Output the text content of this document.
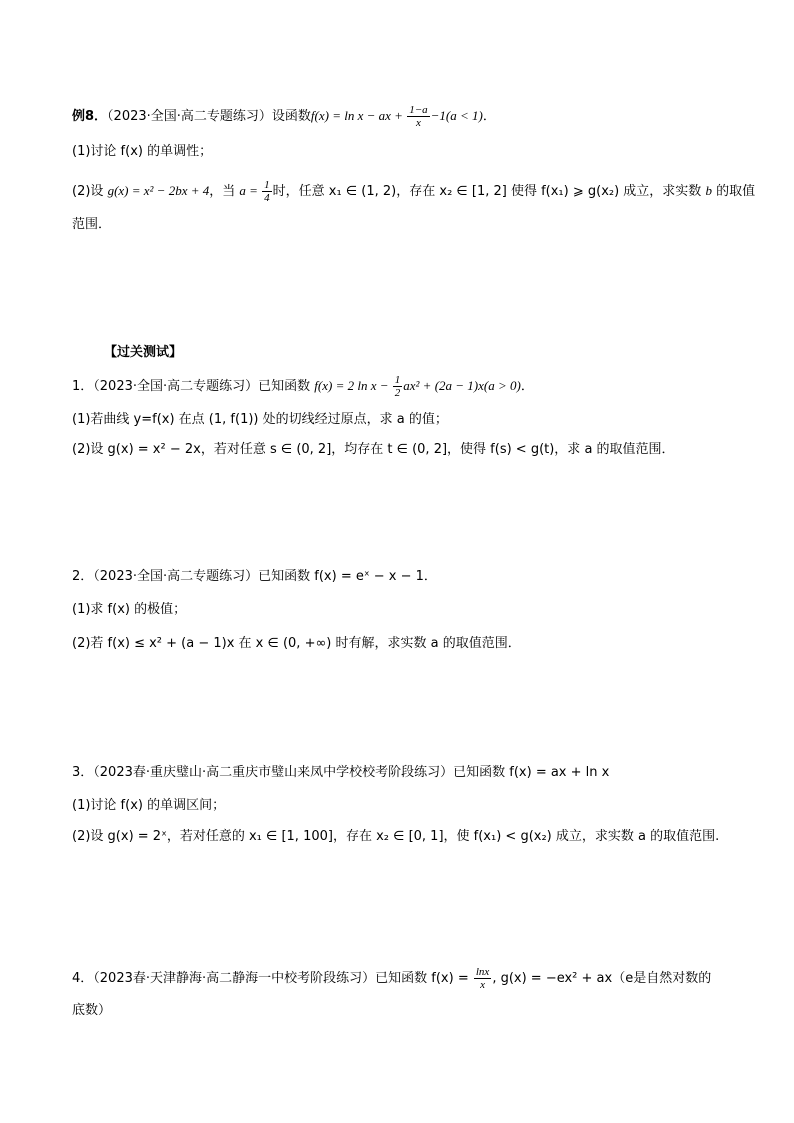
例8．（2023·全国·高二专题练习）设函数f(x) = ln x − ax + $\frac{1-a}{x} -1(a < 1)$．
(1)讨论 f(x) 的单调性；
(2)设 g(x) = x² − 2bx + 4，当 $a = \frac{1}{4}$ 时，任意 x₁ ∈ (1, 2)，存在 x₂ ∈ [1, 2] 使得 f(x₁) ⩾ g(x₂) 成立，求实数 b 的取值
范围．
【过关测试】
1．（2023·全国·高二专题练习）已知函数 f(x) = 2 $\ln x - \frac{1}{2} ax^2 + (2a - 1)x(a > 0)$．
(1)若曲线 y=f(x) 在点 (1, f(1)) 处的切线经过原点，求 a 的值；
(2)设 g(x) = x² − 2x，若对任意 s ∈ (0, 2]，均存在 t ∈ (0, 2]，使得 f(s) < g(t)，求 a 的取值范围．
2．（2023·全国·高二专题练习）已知函数 f(x) = eˣ − x − 1．
(1)求 f(x) 的极值；
(2)若 f(x) ≤ x² + (a − 1)x 在 x ∈ (0, +∞) 时有解，求实数 a 的取值范围．
3．（2023春·重庆璧山·高二重庆市璧山来凤中学校校考阶段练习）已知函数 f(x) = ax + ln x
(1)讨论 f(x) 的单调区间；
(2)设 g(x) = 2ˣ，若对任意的 x₁ ∈ [1, 100]，存在 x₂ ∈ [0, 1]，使 f(x₁) < g(x₂) 成立，求实数 a 的取值范围.
4．（2023春·天津静海·高二静海一中校考阶段练习）已知函数 $f(x) = \frac{\ln x}{x}$ , g(x) = −ex² + ax（e是自然对数的
底数）
